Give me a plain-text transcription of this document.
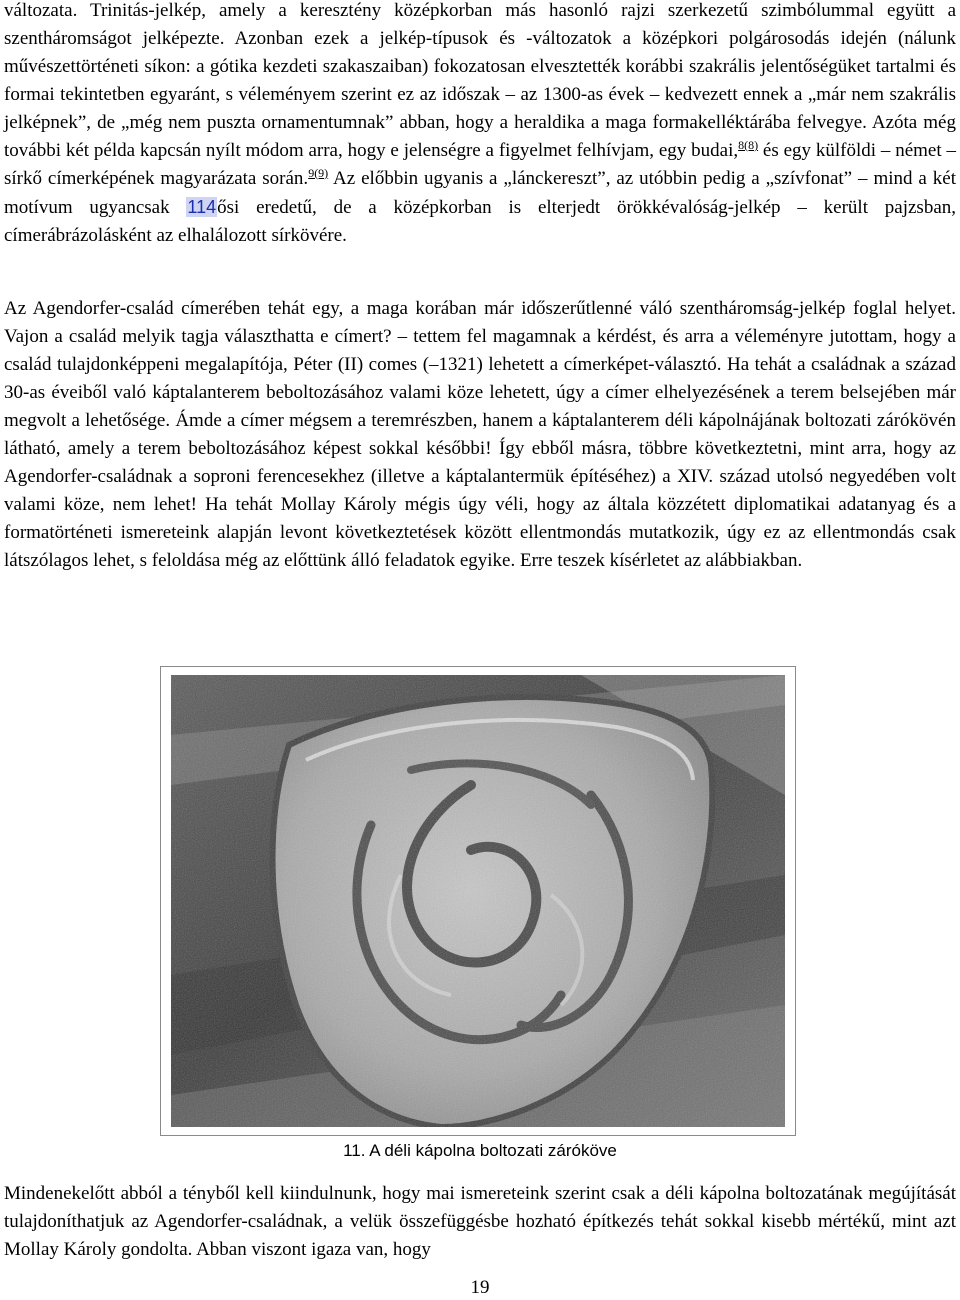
változata. Trinitás-jelkép, amely a keresztény középkorban más hasonló rajzi szerkezetű szimbólummal együtt a szentháromságot jelképezte. Azonban ezek a jelkép-típusok és -változatok a középkori polgárosodás idején (nálunk művészettörténeti síkon: a gótika kezdeti szakaszaiban) fokozatosan elvesztették korábbi szakrális jelentőségüket tartalmi és formai tekintetben egyaránt, s véleményem szerint ez az időszak – az 1300-as évek – kedvezett ennek a „már nem szakrális jelképnek”, de „még nem puszta ornamentumnak” abban, hogy a heraldika a maga formakelléktárába felvegye. Azóta még további két példa kapcsán nyílt módom arra, hogy e jelenségre a figyelmet felhívjam, egy budai,$^{8(8)}$ és egy külföldi – német – sírkő címerképének magyarázata során.$^{9(9)}$ Az előbbin ugyanis a „lánckereszt”, az utóbbin pedig a „szívfonat” – mind a két motívum ugyancsak 114ősi eredetű, de a középkorban is elterjedt örökkévalóság-jelkép – került pajzsban, címerábrázolásként az elhalálozott sírkövére.

Az Agendorfer-család címerében tehát egy, a maga korában már időszerűtlenné váló szentháromság-jelkép foglal helyet. Vajon a család melyik tagja választhatta e címert? – tettem fel magamnak a kérdést, és arra a véleményre jutottam, hogy a család tulajdonképpeni megalapítója, Péter (II) comes (–1321) lehetett a címerképet-választó. Ha tehát a családnak a század 30-as éveiből való káptalanterem beboltozásához valami köze lehetett, úgy a címer elhelyezésének a terem belsejében már megvolt a lehetősége. Ámde a címer mégsem a teremrészben, hanem a káptalanterem déli kápolnájának boltozati zárókövén látható, amely a terem beboltozásához képest sokkal későbbi! Így ebből másra, többre következtetni, mint arra, hogy az Agendorfer-családnak a soproni ferencesekhez (illetve a káptalantermük építéséhez) a XIV. század utolsó negyedében volt valami köze, nem lehet! Ha tehát Mollay Károly mégis úgy véli, hogy az általa közzétett diplomatikai adatanyag és a formatörténeti ismereteink alapján levont következtetések között ellentmondás mutatkozik, úgy ez az ellentmondás csak látszólagos lehet, s feloldása még az előttünk álló feladatok egyike. Erre teszek kísérletet az alábbiakban.

11. A déli kápolna boltozati záróköve

Mindenekelőtt abból a tényből kell kiindulnunk, hogy mai ismereteink szerint csak a déli kápolna boltozatának megújítását tulajdoníthatjuk az Agendorfer-családnak, a velük összefüggésbe hozható építkezés tehát sokkal kisebb mértékű, mint azt Mollay Károly gondolta. Abban viszont igaza van, hogy

19
